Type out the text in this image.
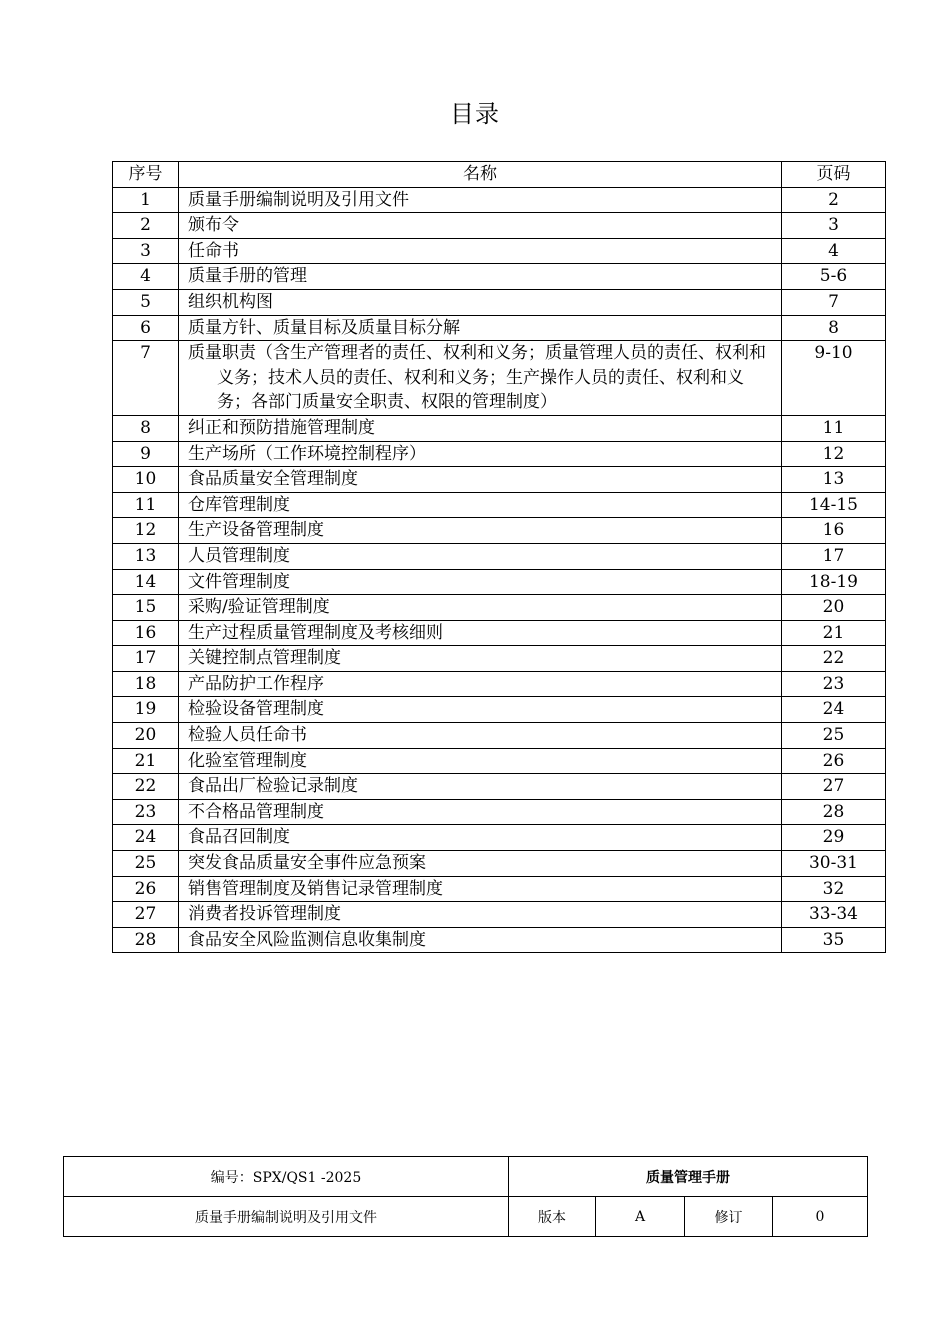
目录
序号	名称	页码
1	质量手册编制说明及引用文件	2
2	颁布令	3
3	任命书	4
4	质量手册的管理	5-6
5	组织机构图	7
6	质量方针、质量目标及质量目标分解	8
7	质量职责（含生产管理者的责任、权利和义务；质量管理人员的责任、权利和义务；技术人员的责任、权利和义务；生产操作人员的责任、权利和义务；各部门质量安全职责、权限的管理制度）	9-10
8	纠正和预防措施管理制度	11
9	生产场所（工作环境控制程序）	12
10	食品质量安全管理制度	13
11	仓库管理制度	14-15
12	生产设备管理制度	16
13	人员管理制度	17
14	文件管理制度	18-19
15	采购/验证管理制度	20
16	生产过程质量管理制度及考核细则	21
17	关键控制点管理制度	22
18	产品防护工作程序	23
19	检验设备管理制度	24
20	检验人员任命书	25
21	化验室管理制度	26
22	食品出厂检验记录制度	27
23	不合格品管理制度	28
24	食品召回制度	29
25	突发食品质量安全事件应急预案	30-31
26	销售管理制度及销售记录管理制度	32
27	消费者投诉管理制度	33-34
28	食品安全风险监测信息收集制度	35
编号：SPX/QS1 -2025	质量管理手册			
质量手册编制说明及引用文件	版本	A	修订	0
